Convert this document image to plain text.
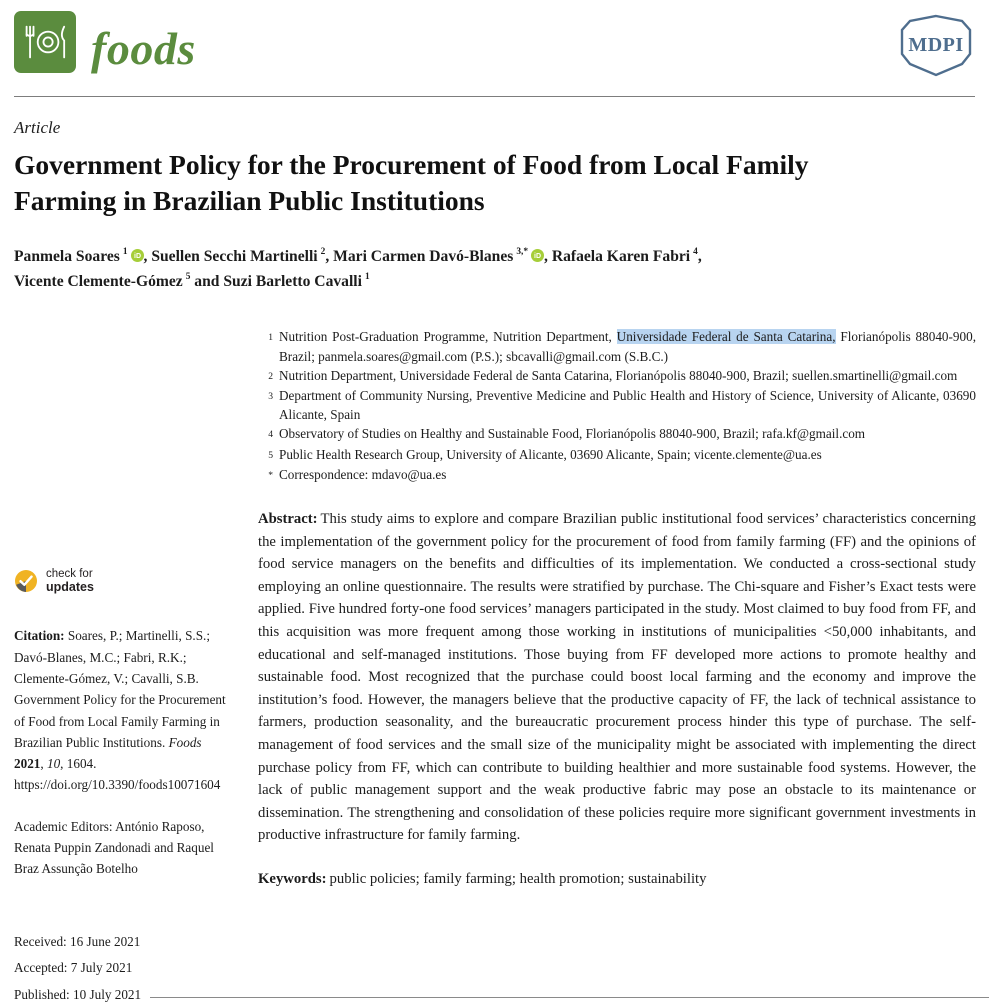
foods	MDPI
Article
Government Policy for the Procurement of Food from Local Family Farming in Brazilian Public Institutions
Panmela Soares $^1$ iD , Suellen Secchi Martinelli $^2$, Mari Carmen Davó-Blanes $^{3,*}$ iD , Rafaela Karen Fabri $^4$,
Vicente Clemente-Gómez $^5$ and Suzi Barletto Cavalli $^1$
1 Nutrition Post-Graduation Programme, Nutrition Department, Universidade Federal de Santa Catarina, Florianópolis 88040-900, Brazil; panmela.soares@gmail.com (P.S.); sbcavalli@gmail.com (S.B.C.)
2 Nutrition Department, Universidade Federal de Santa Catarina, Florianópolis 88040-900, Brazil; suellen.smartinelli@gmail.com
3 Department of Community Nursing, Preventive Medicine and Public Health and History of Science, University of Alicante, 03690 Alicante, Spain
4 Observatory of Studies on Healthy and Sustainable Food, Florianópolis 88040-900, Brazil; rafa.kf@gmail.com
5 Public Health Research Group, University of Alicante, 03690 Alicante, Spain; vicente.clemente@ua.es
* Correspondence: mdavo@ua.es

Abstract: This study aims to explore and compare Brazilian public institutional food services’ characteristics concerning the implementation of the government policy for the procurement of food from family farming (FF) and the opinions of food service managers on the benefits and difficulties of its implementation. We conducted a cross-sectional study employing an online questionnaire. The results were stratified by purchase. The Chi-square and Fisher’s Exact tests were applied. Five hundred forty-one food services’ managers participated in the study. Most claimed to buy food from FF, and this acquisition was more frequent among those working in institutions of municipalities <50,000 inhabitants, and educational and self-managed institutions. Those buying from FF developed more actions to promote healthy and sustainable food. Most recognized that the purchase could boost local farming and the economy and improve the institution’s food. However, the managers believe that the productive capacity of FF, the lack of technical assistance to farmers, production seasonality, and the bureaucratic procurement process hinder this type of purchase. The self-management of food services and the small size of the municipality might be associated with implementing the direct purchase policy from FF, which can contribute to building healthier and more sustainable food systems. However, the lack of public management support and the weak productive fabric may pose an obstacle to its maintenance or dissemination. The strengthening and consolidation of these policies require more significant government investments in productive infrastructure for family farming.

Keywords: public policies; family farming; health promotion; sustainability

check for
updates

Citation: Soares, P.; Martinelli, S.S.; Davó-Blanes, M.C.; Fabri, R.K.; Clemente-Gómez, V.; Cavalli, S.B. Government Policy for the Procurement of Food from Local Family Farming in Brazilian Public Institutions. Foods 2021, 10, 1604. https://doi.org/10.3390/foods10071604

Academic Editors: António Raposo, Renata Puppin Zandonadi and Raquel Braz Assunção Botelho

Received: 16 June 2021
Accepted: 7 July 2021
Published: 10 July 2021
